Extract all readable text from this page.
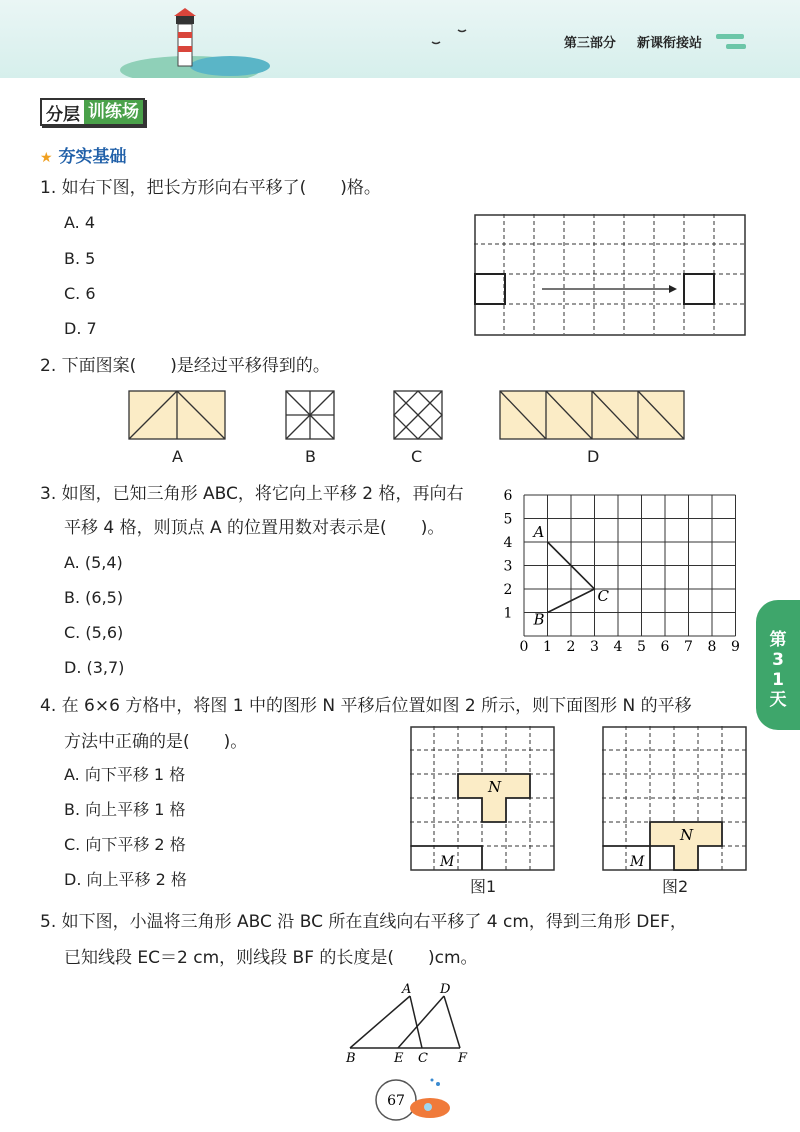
第三部分 新课衔接站
分层 训练场
★ 夯实基础
第31天
1. 如右下图，把长方形向右平移了(　　)格。
A. 4
B. 5
C. 6
D. 7
2. 下面图案(　　)是经过平移得到的。
A	B	C	D
3. 如图，已知三角形 ABC，将它向上平移 2 格，再向右
平移 4 格，则顶点 A 的位置用数对表示是(　　)。
A. (5,4)
B. (6,5)
C. (5,6)
D. (3,7)
0 1 2 3 4 5 6 7 8 9
1
2
3
4
5
6
A
B
C
4. 在 6×6 方格中，将图 1 中的图形 N 平移后位置如图 2 所示，则下面图形 N 的平移
方法中正确的是(　　)。
A. 向下平移 1 格
B. 向上平移 1 格
C. 向下平移 2 格
D. 向上平移 2 格
N
M
图1
N
M
图2
5. 如下图，小温将三角形 ABC 沿 BC 所在直线向右平移了 4 cm，得到三角形 DEF，
已知线段 EC＝2 cm，则线段 BF 的长度是(　　)cm。
A D
B	E C F
67
